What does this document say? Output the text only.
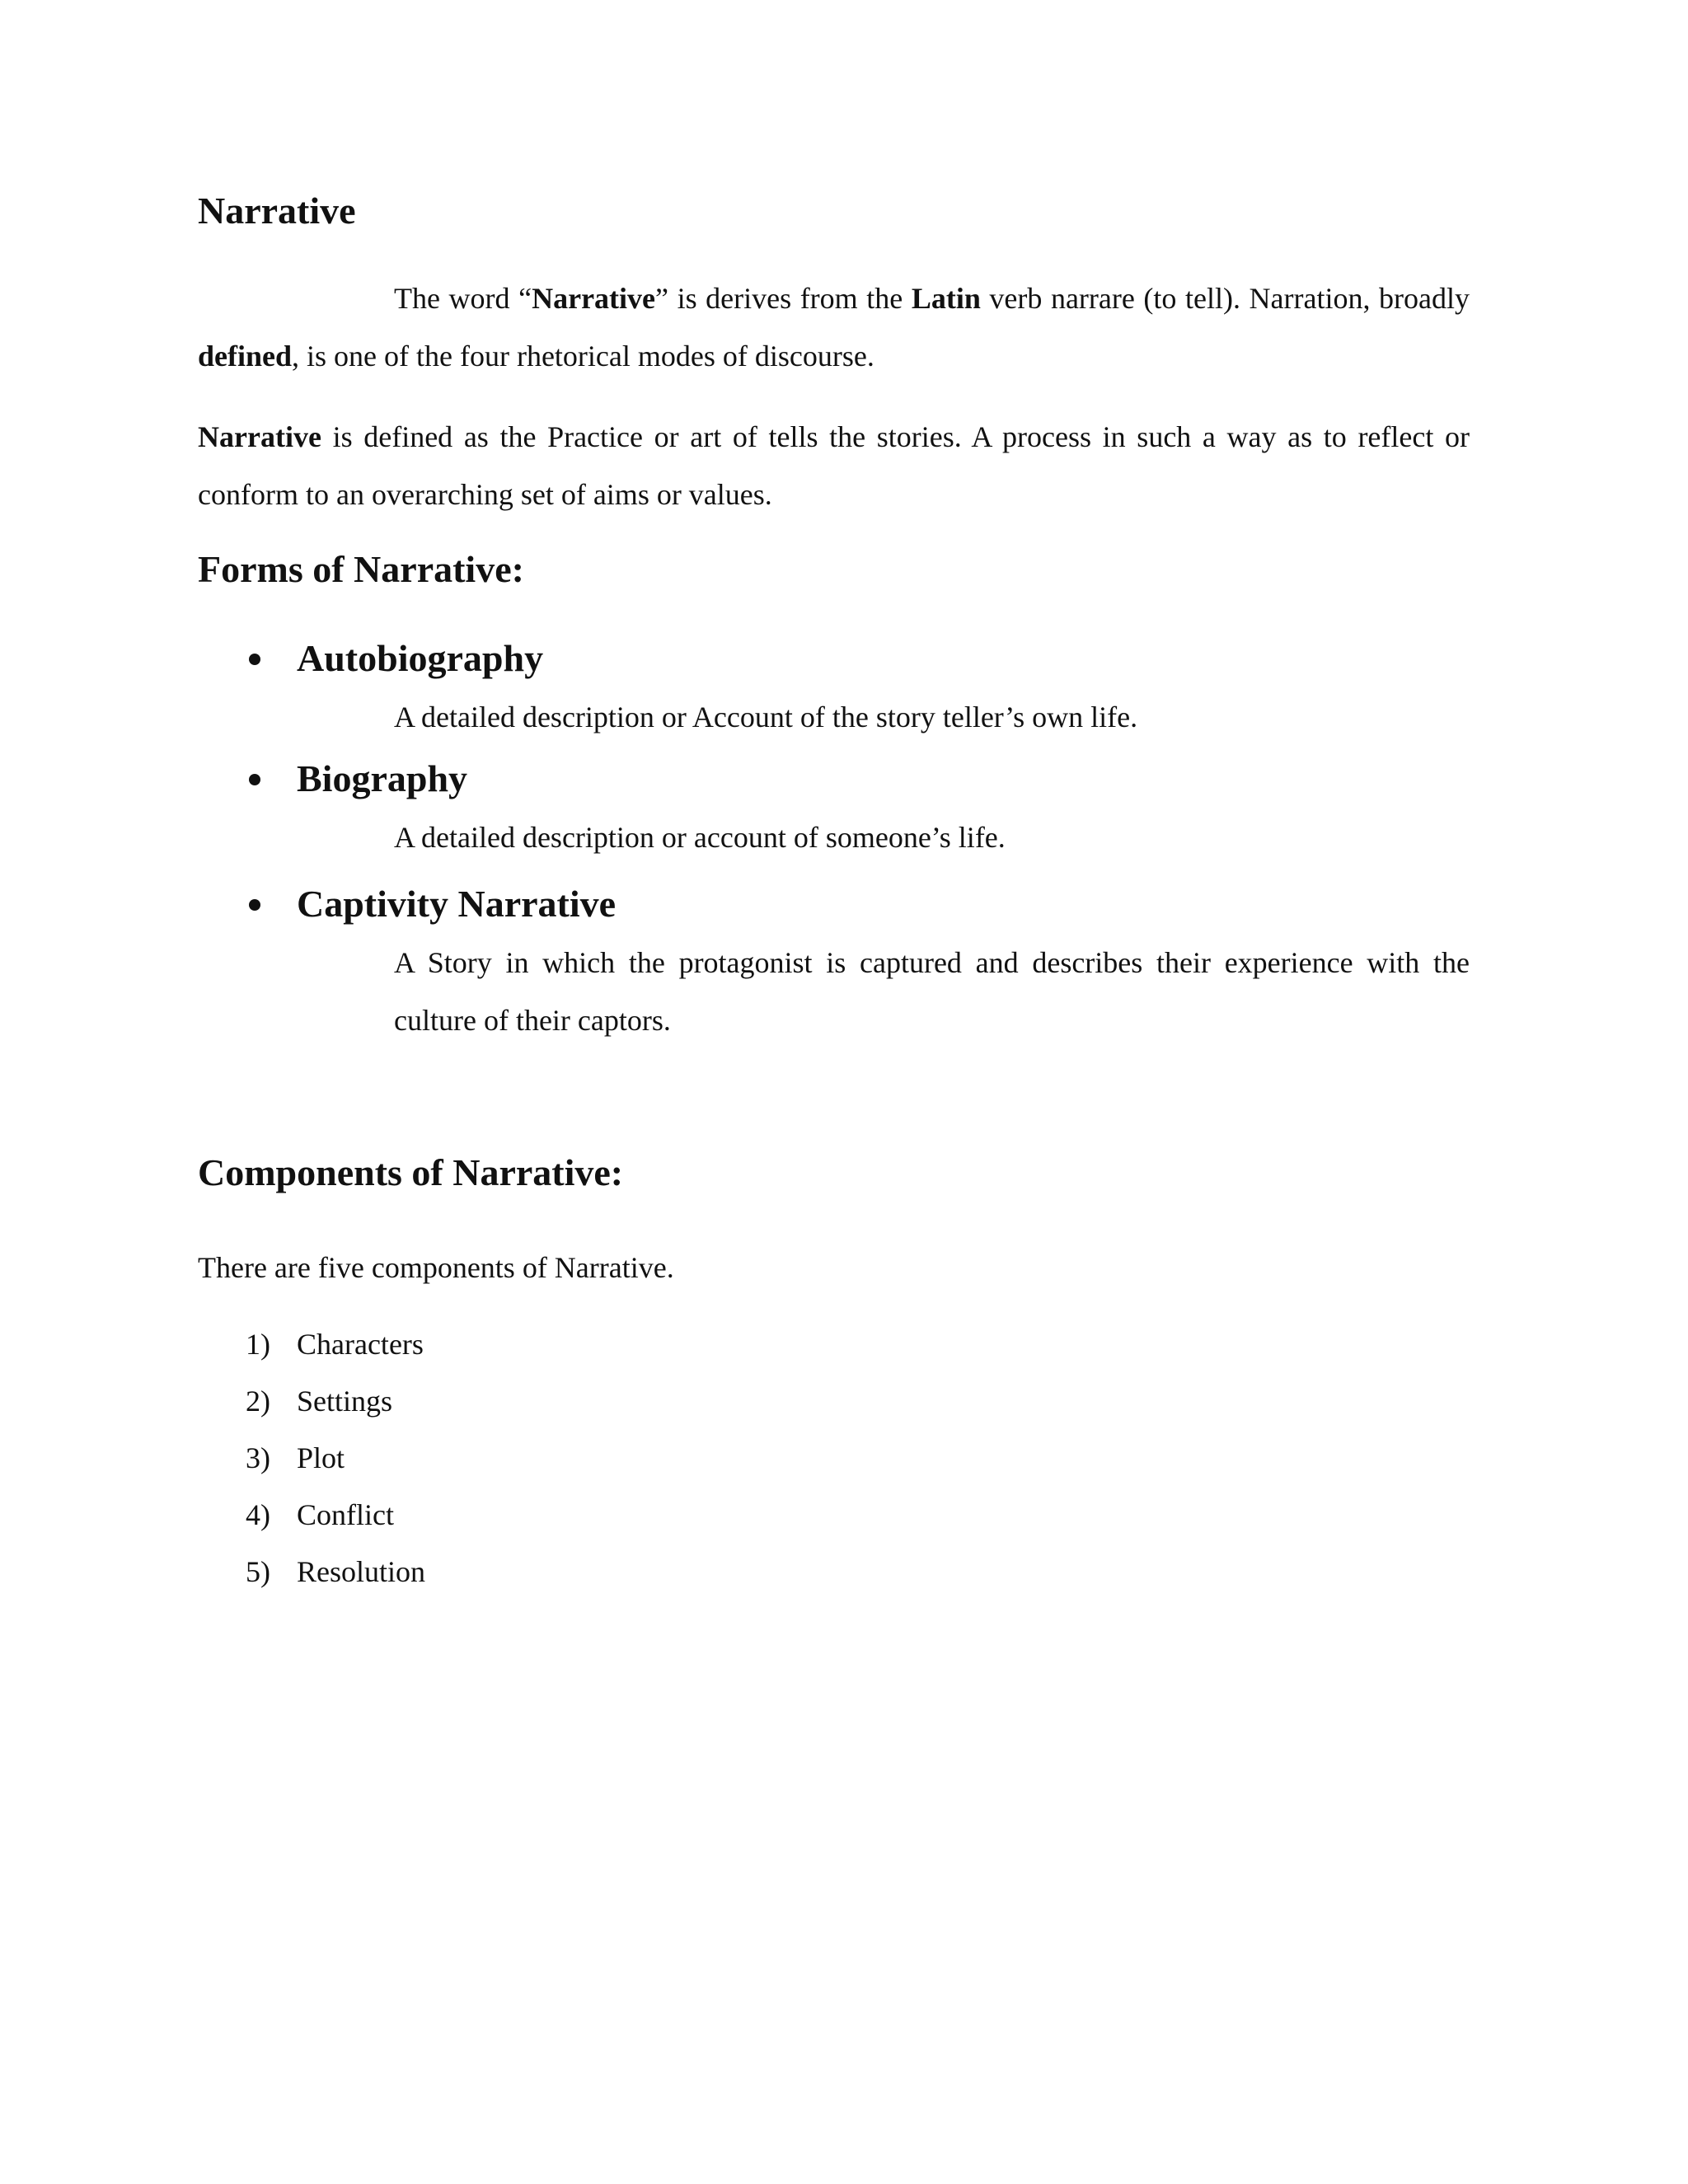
Narrative

The word “Narrative” is derives from the Latin verb narrare (to tell). Narration, broadly defined, is one of the four rhetorical modes of discourse.

Narrative is defined as the Practice or art of tells the stories. A process in such a way as to reflect or conform to an overarching set of aims or values.

Forms of Narrative:
Autobiography

A detailed description or Account of the story teller’s own life.

Biography

A detailed description or account of someone’s life.

Captivity Narrative

A Story in which the protagonist is captured and describes their experience with the culture of their captors.

Components of Narrative:

There are five components of Narrative.

1) Characters
2) Settings
3) Plot
4) Conflict
5) Resolution
